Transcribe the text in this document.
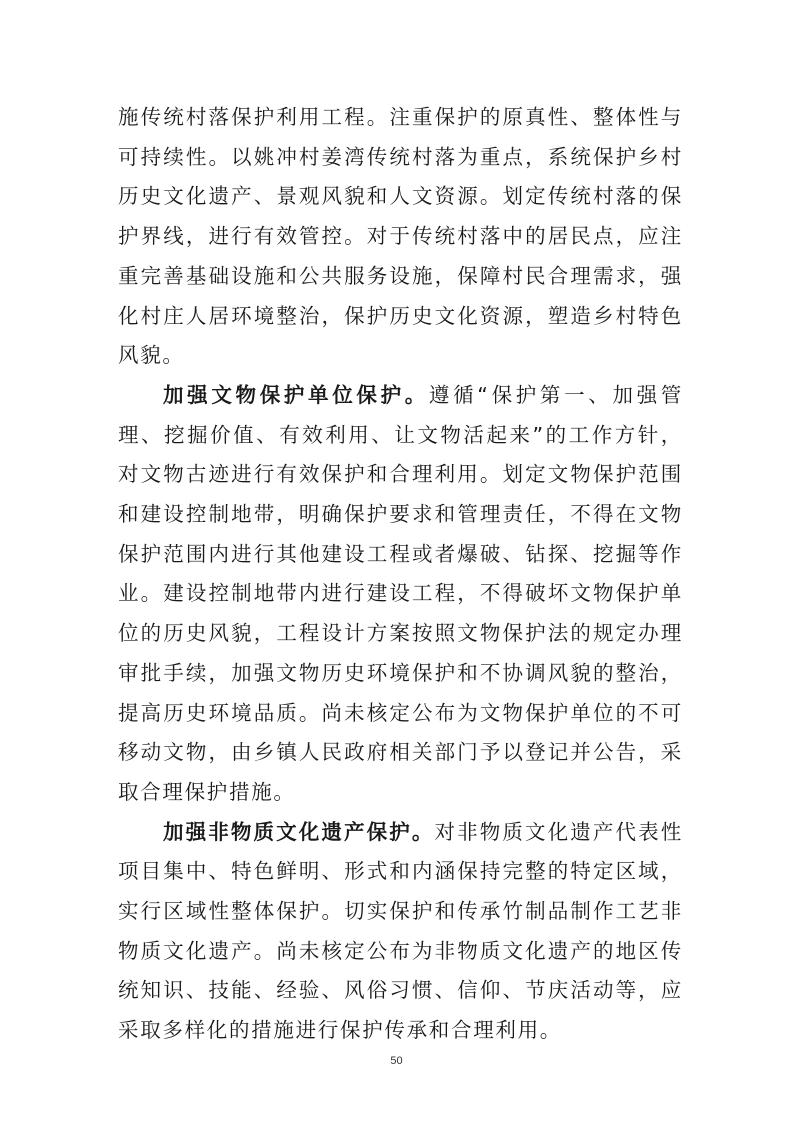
施传统村落保护利用工程。注重保护的原真性、整体性与可持续性。以姚冲村姜湾传统村落为重点，系统保护乡村历史文化遗产、景观风貌和人文资源。划定传统村落的保护界线，进行有效管控。对于传统村落中的居民点，应注重完善基础设施和公共服务设施，保障村民合理需求，强化村庄人居环境整治，保护历史文化资源，塑造乡村特色风貌。

加强文物保护单位保护。遵循“保护第一、加强管理、挖掘价值、有效利用、让文物活起来”的工作方针，对文物古迹进行有效保护和合理利用。划定文物保护范围和建设控制地带，明确保护要求和管理责任，不得在文物保护范围内进行其他建设工程或者爆破、钻探、挖掘等作业。建设控制地带内进行建设工程，不得破坏文物保护单位的历史风貌，工程设计方案按照文物保护法的规定办理审批手续，加强文物历史环境保护和不协调风貌的整治，提高历史环境品质。尚未核定公布为文物保护单位的不可移动文物，由乡镇人民政府相关部门予以登记并公告，采取合理保护措施。

加强非物质文化遗产保护。对非物质文化遗产代表性项目集中、特色鲜明、形式和内涵保持完整的特定区域，实行区域性整体保护。切实保护和传承竹制品制作工艺非物质文化遗产。尚未核定公布为非物质文化遗产的地区传统知识、技能、经验、风俗习惯、信仰、节庆活动等，应采取多样化的措施进行保护传承和合理利用。

50
